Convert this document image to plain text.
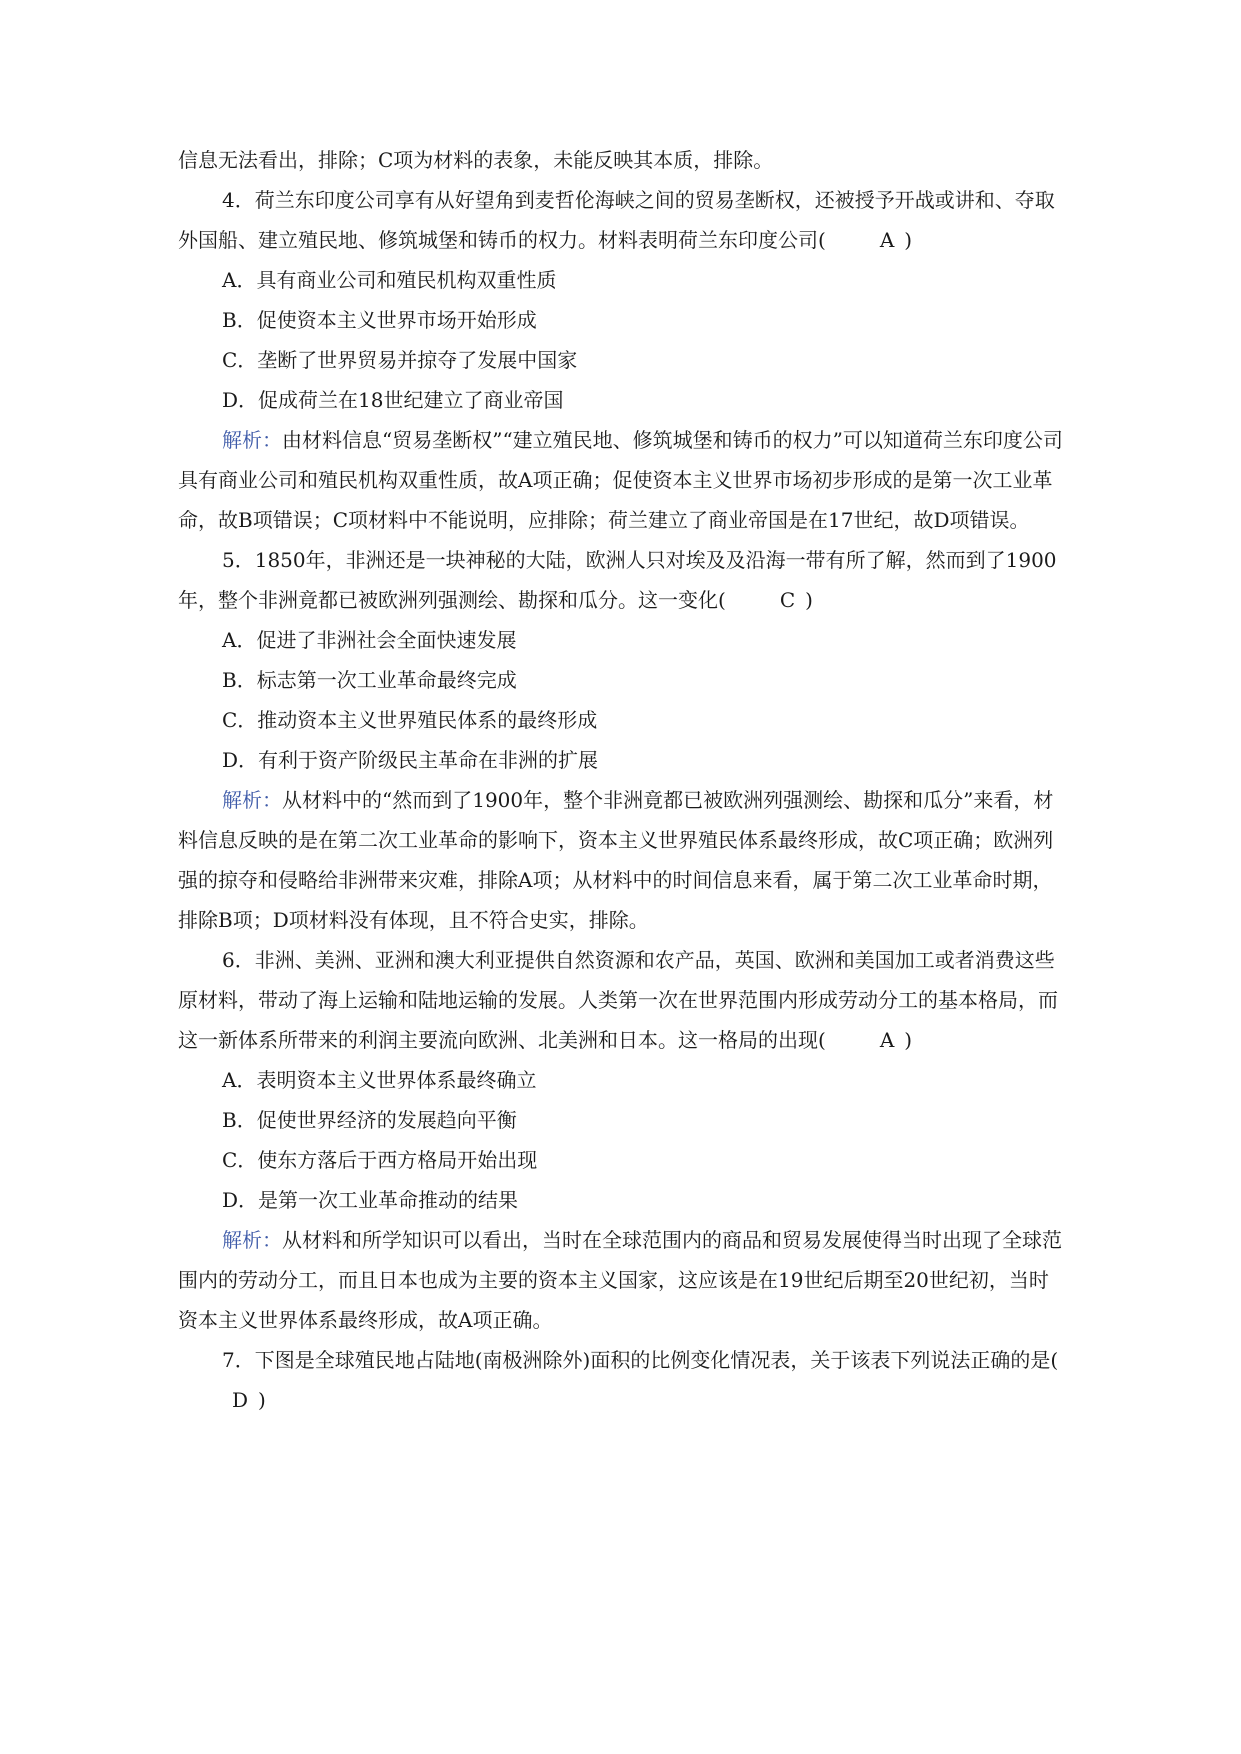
信息无法看出，排除；C项为材料的表象，未能反映其本质，排除。

4．荷兰东印度公司享有从好望角到麦哲伦海峡之间的贸易垄断权，还被授予开战或讲和、夺取外国船、建立殖民地、修筑城堡和铸币的权力。材料表明荷兰东印度公司(	A )

A．具有商业公司和殖民机构双重性质

B．促使资本主义世界市场开始形成

C．垄断了世界贸易并掠夺了发展中国家

D．促成荷兰在18世纪建立了商业帝国

解析：由材料信息“贸易垄断权”“建立殖民地、修筑城堡和铸币的权力”可以知道荷兰东印度公司具有商业公司和殖民机构双重性质，故A项正确；促使资本主义世界市场初步形成的是第一次工业革命，故B项错误；C项材料中不能说明，应排除；荷兰建立了商业帝国是在17世纪，故D项错误。

5．1850年，非洲还是一块神秘的大陆，欧洲人只对埃及及沿海一带有所了解，然而到了1900年，整个非洲竟都已被欧洲列强测绘、勘探和瓜分。这一变化(	C )

A．促进了非洲社会全面快速发展

B．标志第一次工业革命最终完成

C．推动资本主义世界殖民体系的最终形成

D．有利于资产阶级民主革命在非洲的扩展

解析：从材料中的“然而到了1900年，整个非洲竟都已被欧洲列强测绘、勘探和瓜分”来看，材料信息反映的是在第二次工业革命的影响下，资本主义世界殖民体系最终形成，故C项正确；欧洲列强的掠夺和侵略给非洲带来灾难，排除A项；从材料中的时间信息来看，属于第二次工业革命时期，排除B项；D项材料没有体现，且不符合史实，排除。

6．非洲、美洲、亚洲和澳大利亚提供自然资源和农产品，英国、欧洲和美国加工或者消费这些原材料，带动了海上运输和陆地运输的发展。人类第一次在世界范围内形成劳动分工的基本格局，而这一新体系所带来的利润主要流向欧洲、北美洲和日本。这一格局的出现(	A )

A．表明资本主义世界体系最终确立

B．促使世界经济的发展趋向平衡

C．使东方落后于西方格局开始出现

D．是第一次工业革命推动的结果

解析：从材料和所学知识可以看出，当时在全球范围内的商品和贸易发展使得当时出现了全球范围内的劳动分工，而且日本也成为主要的资本主义国家，这应该是在19世纪后期至20世纪初，当时资本主义世界体系最终形成，故A项正确。

7．下图是全球殖民地占陆地(南极洲除外)面积的比例变化情况表，关于该表下列说法正确的是(D )
